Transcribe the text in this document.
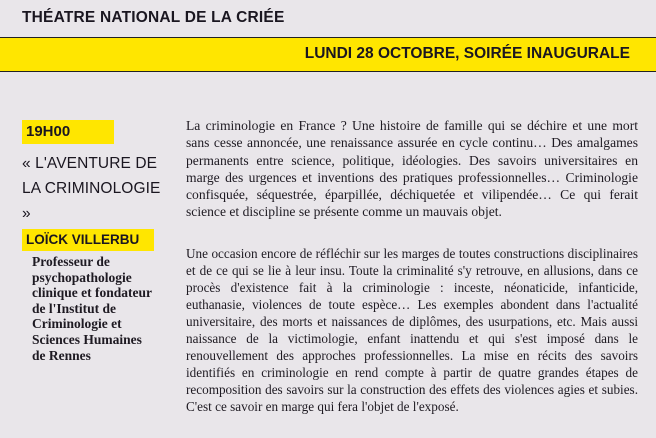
THÉATRE NATIONAL DE LA CRIÉE
LUNDI 28 OCTOBRE, SOIRÉE INAUGURALE
19H00
« L'AVENTURE DE LA CRIMINOLOGIE »
LOÏCK VILLERBU

Professeur de psychopathologie clinique et fondateur de l'Institut de Criminologie et Sciences Humaines de Rennes

La criminologie en France ? Une histoire de famille qui se déchire et une mort sans cesse annoncée, une renaissance assurée en cycle continu… Des amalgames permanents entre science, politique, idéologies. Des savoirs universitaires en marge des urgences et inventions des pratiques professionnelles… Criminologie confisquée, séquestrée, éparpillée, déchiquetée et vilipendée… Ce qui ferait science et discipline se présente comme un mauvais objet.

Une occasion encore de réfléchir sur les marges de toutes constructions disciplinaires et de ce qui se lie à leur insu. Toute la criminalité s'y retrouve, en allusions, dans ce procès d'existence fait à la criminologie : inceste, néonaticide, infanticide, euthanasie, violences de toute espèce… Les exemples abondent dans l'actualité universitaire, des morts et naissances de diplômes, des usurpations, etc. Mais aussi naissance de la victimologie, enfant inattendu et qui s'est imposé dans le renouvellement des approches professionnelles. La mise en récits des savoirs identifiés en criminologie en rend compte à partir de quatre grandes étapes de recomposition des savoirs sur la construction des effets des violences agies et subies. C'est ce savoir en marge qui fera l'objet de l'exposé.
